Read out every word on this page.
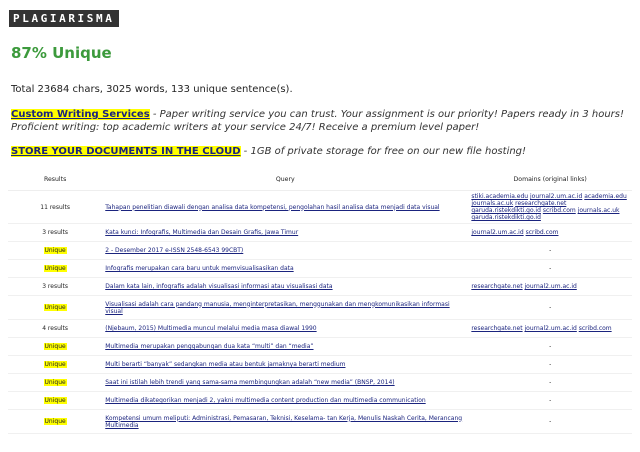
PLAGIARISMA
87% Unique
Total 23684 chars, 3025 words, 133 unique sentence(s).
Custom Writing Services - Paper writing service you can trust. Your assignment is our priority! Papers ready in 3 hours! Proficient writing: top academic writers at your service 24/7! Receive a premium level paper!
STORE YOUR DOCUMENTS IN THE CLOUD - 1GB of private storage for free on our new file hosting!
Results	Query	Domains (original links)
11 results	Tahapan penelitian diawali dengan analisa data kompetensi, pengolahan hasil analisa data menjadi data visual	stiki.academia.edu journal2.um.ac.id academia.edu journals.ac.uk researchgate.net garuda.ristekdikti.go.id scribd.com journals.ac.uk garuda.ristekdikti.go.id
3 results	Kata kunci: Infografis, Multimedia dan Desain Grafis, Jawa Timur	journal2.um.ac.id scribd.com
Unique	2 - Desember 2017 e-ISSN 2548-6543 99CBT)	-

Unique	Infografis merupakan cara baru untuk memvisualisasikan data	-

3 results	Dalam kata lain, infografis adalah visualisasi informasi atau visualisasi data	researchgate.net journal2.um.ac.id
Unique	Visualisasi adalah cara pandang manusia, menginterpretasikan, menggunakan dan mengkomunikasikan informasi visual	-

4 results	(Njebaum, 2015) Multimedia muncul melalui media masa diawal 1990	researchgate.net journal2.um.ac.id scribd.com
Unique	Multimedia merupakan penggabungan dua kata “multi” dan “media”	-

Unique	Multi berarti “banyak” sedangkan media atau bentuk jamaknya berarti medium	-

Unique	Saat ini istilah lebih trendi yang sama-sama membingungkan adalah “new media” (BNSP, 2014)	-

Unique	Multimedia dikategorikan menjadi 2, yakni multimedia content production dan multimedia communication	-

Unique	Kompetensi umum meliputi: Administrasi, Pemasaran, Teknisi, Keselama- tan Kerja, Menulis Naskah Cerita, Merancang Multimedia	-
